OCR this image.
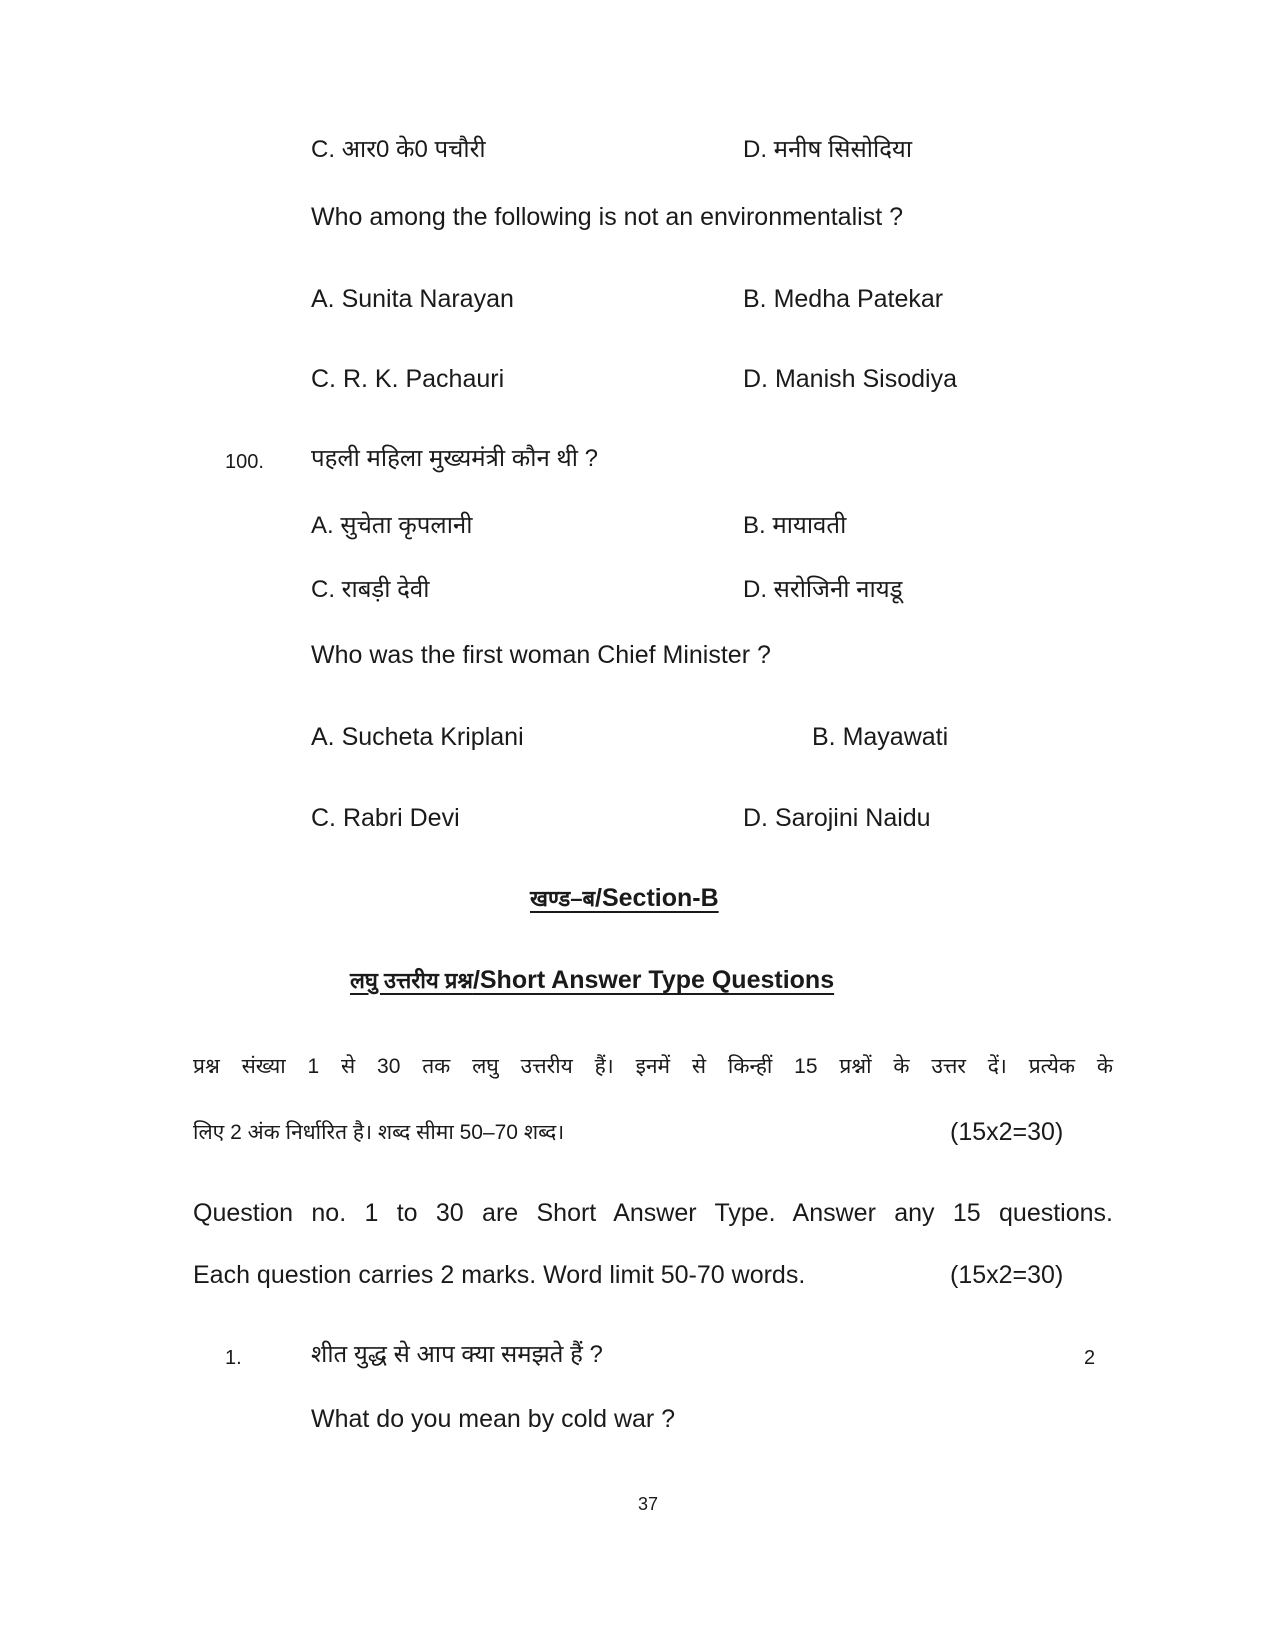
C. आर0 के0 पचौरी	D. मनीष सिसोदिया
Who among the following is not an environmentalist ?
A. Sunita Narayan	B. Medha Patekar
C. R. K. Pachauri	D. Manish Sisodiya
100. पहली महिला मुख्यमंत्री कौन थी ?
A. सुचेता कृपलानी	B. मायावती
C. राबड़ी देवी	D. सरोजिनी नायडू
Who was the first woman Chief Minister ?
A. Sucheta Kriplani	B. Mayawati
C. Rabri Devi	D. Sarojini Naidu
खण्ड–ब/Section-B
लघु उत्तरीय प्रश्न/Short Answer Type Questions
प्रश्न संख्या 1 से 30 तक लघु उत्तरीय हैं। इनमें से किन्हीं 15 प्रश्नों के उत्तर दें। प्रत्येक के
लिए 2 अंक निर्धारित है। शब्द सीमा 50–70 शब्द।	(15x2=30)
Question no. 1 to 30 are Short Answer Type. Answer any 15 questions.
Each question carries 2 marks. Word limit 50-70 words.	(15x2=30)
1.	शीत युद्ध से आप क्या समझते हैं ?	2
What do you mean by cold war ?
37
